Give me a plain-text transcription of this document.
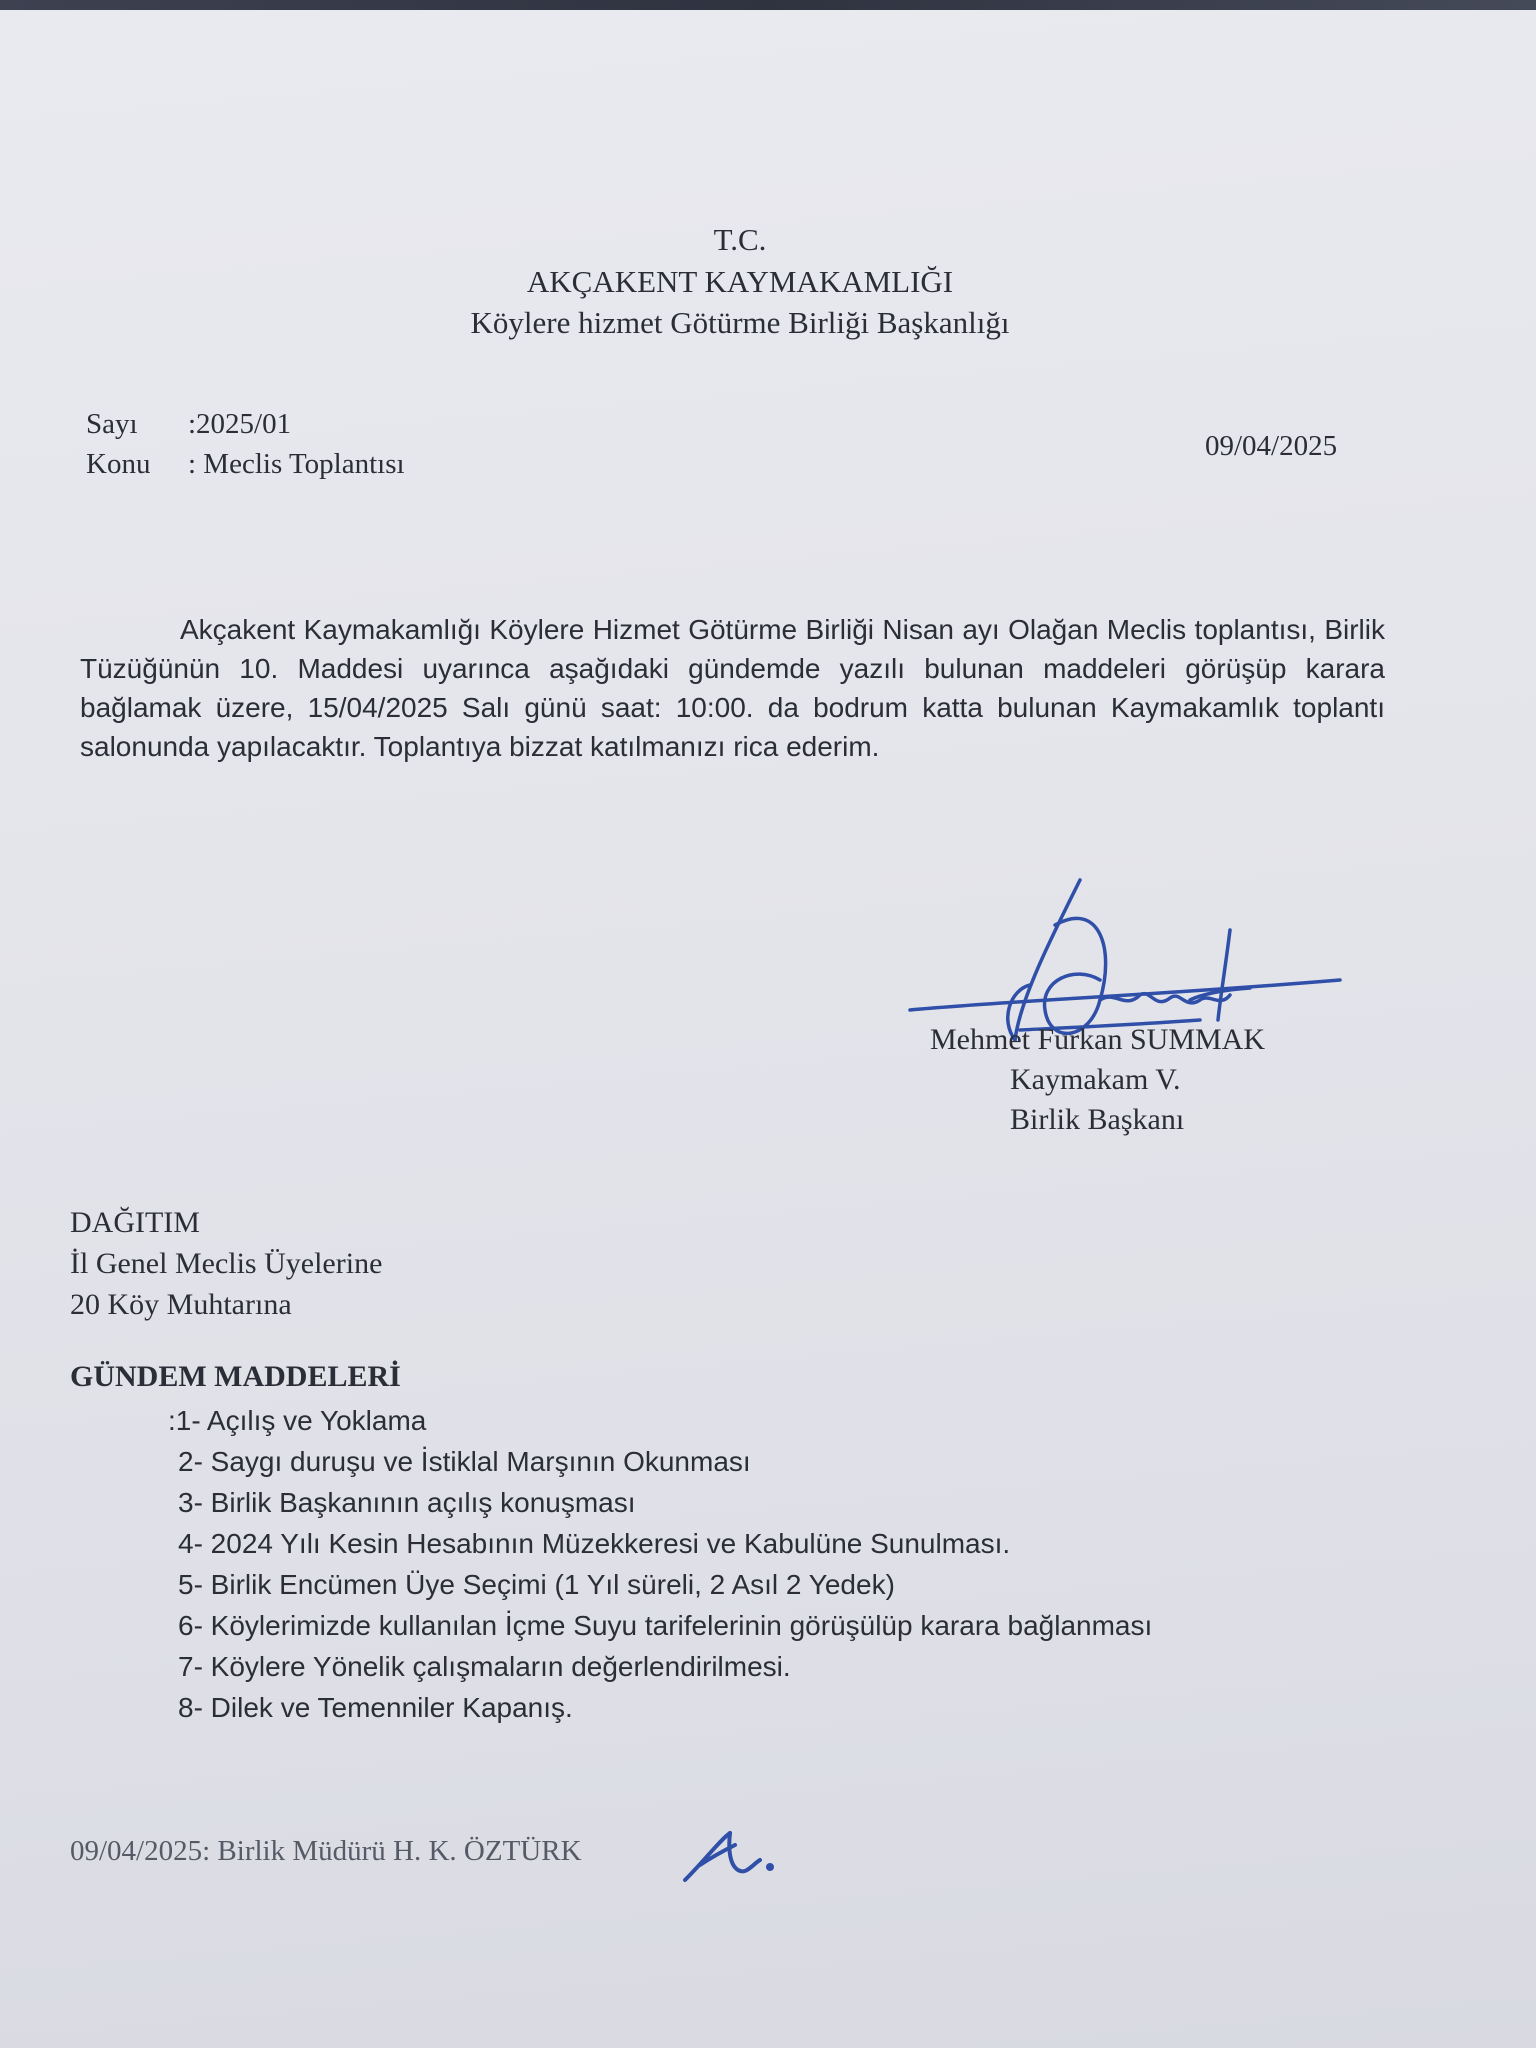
T.C.
AKÇAKENT KAYMAKAMLIĞI
Köylere hizmet Götürme Birliği Başkanlığı
Sayı :2025/01
Konu : Meclis Toplantısı
09/04/2025
Akçakent Kaymakamlığı Köylere Hizmet Götürme Birliği Nisan ayı Olağan Meclis toplantısı, Birlik Tüzüğünün 10. Maddesi uyarınca aşağıdaki gündemde yazılı bulunan maddeleri görüşüp karara bağlamak üzere, 15/04/2025 Salı günü saat: 10:00. da bodrum katta bulunan Kaymakamlık toplantı salonunda yapılacaktır. Toplantıya bizzat katılmanızı rica ederim.
Mehmet Furkan SUMMAK
Kaymakam V.
Birlik Başkanı
DAĞITIM
İl Genel Meclis Üyelerine
20 Köy Muhtarına
GÜNDEM MADDELERİ
:1- Açılış ve Yoklama
2- Saygı duruşu ve İstiklal Marşının Okunması
3- Birlik Başkanının açılış konuşması
4- 2024 Yılı Kesin Hesabının Müzekkeresi ve Kabulüne Sunulması.
5- Birlik Encümen Üye Seçimi (1 Yıl süreli, 2 Asıl 2 Yedek)
6- Köylerimizde kullanılan İçme Suyu tarifelerinin görüşülüp karara bağlanması
7- Köylere Yönelik çalışmaların değerlendirilmesi.
8- Dilek ve Temenniler Kapanış.
09/04/2025: Birlik Müdürü H. K. ÖZTÜRK
